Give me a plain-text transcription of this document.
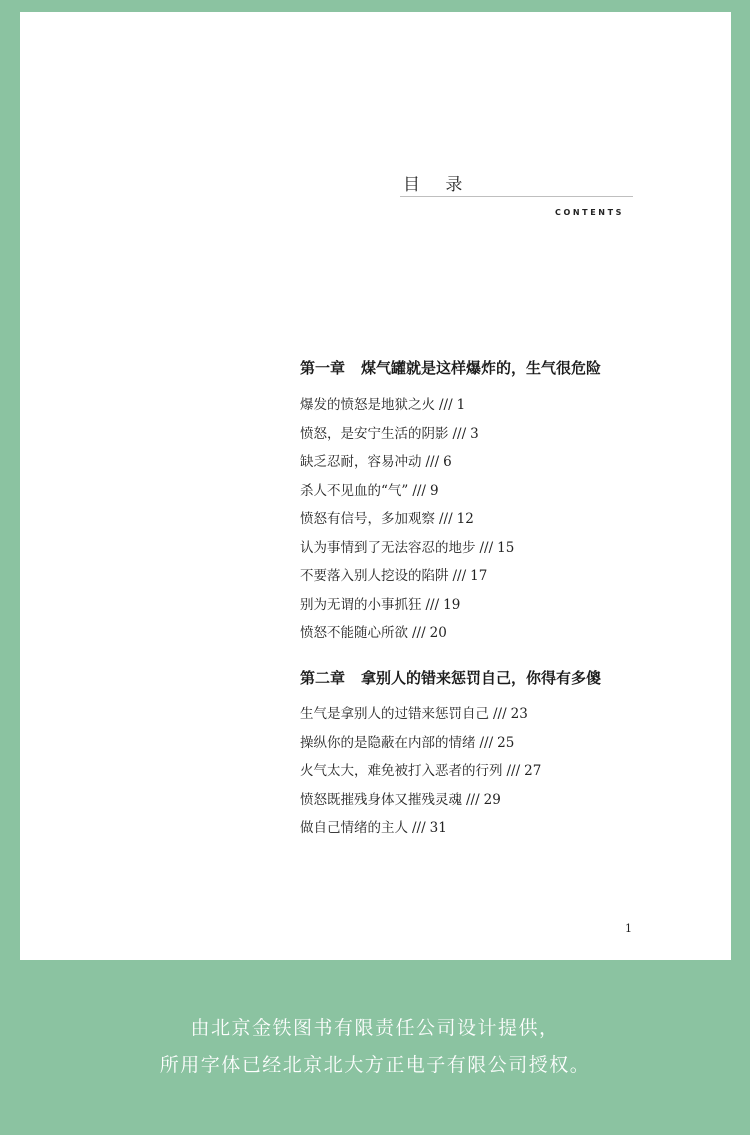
目 录
CONTENTS
第一章 煤气罐就是这样爆炸的，生气很危险
爆发的愤怒是地狱之火 /// 1
愤怒，是安宁生活的阴影 /// 3
缺乏忍耐，容易冲动 /// 6
杀人不见血的“气” /// 9
愤怒有信号，多加观察 /// 12
认为事情到了无法容忍的地步 /// 15
不要落入别人挖设的陷阱 /// 17
别为无谓的小事抓狂 /// 19
愤怒不能随心所欲 /// 20
第二章 拿别人的错来惩罚自己，你得有多傻
生气是拿别人的过错来惩罚自己 /// 23
操纵你的是隐蔽在内部的情绪 /// 25
火气太大，难免被打入恶者的行列 /// 27
愤怒既摧残身体又摧残灵魂 /// 29
做自己情绪的主人 /// 31
1
由北京金铁图书有限责任公司设计提供，
所用字体已经北京北大方正电子有限公司授权。
